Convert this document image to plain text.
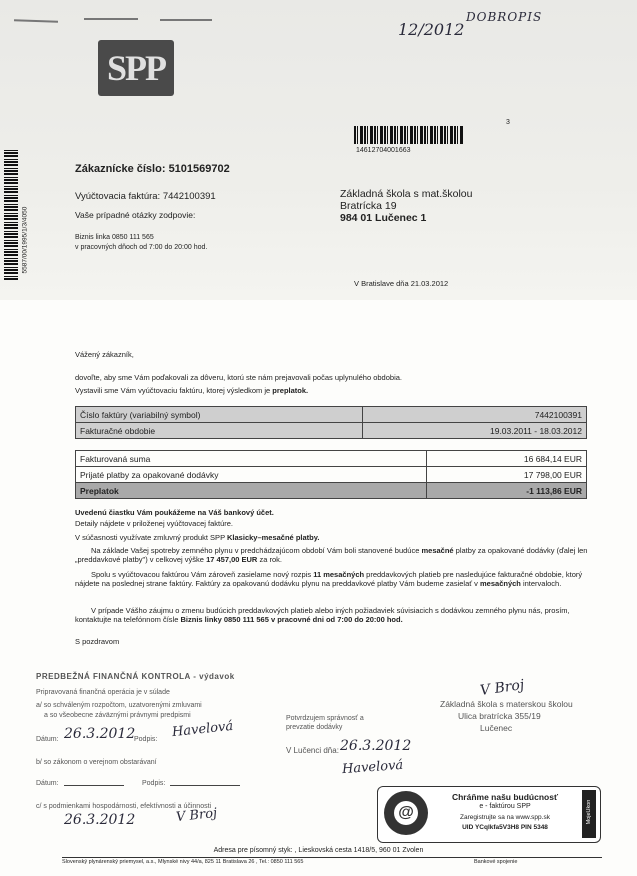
12/2012
DOBROPIS
SPP
3
14612704001663
5587/00/1995/1/3/4050
Zákaznícke číslo: 5101569702
Vyúčtovacia faktúra: 7442100391
Vaše prípadné otázky zodpovie:
Biznis linka 0850 111 565
v pracovných dňoch od 7:00 do 20:00 hod.
Základná škola s mat.školou
Bratrícka 19
984 01 Lučenec 1
V Bratislave dňa 21.03.2012
Vážený zákazník,
dovoľte, aby sme Vám poďakovali za dôveru, ktorú ste nám prejavovali počas uplynulého obdobia.
Vystavili sme Vám vyúčtovaciu faktúru, ktorej výsledkom je preplatok.
Číslo faktúry (variabilný symbol)	7442100391
Fakturačné obdobie	19.03.2011 - 18.03.2012
Fakturovaná suma	16 684,14 EUR
Prijaté platby za opakované dodávky	17 798,00 EUR
Preplatok	-1 113,86 EUR
Uvedenú čiastku Vám poukážeme na Váš bankový účet.
Detaily nájdete v priloženej vyúčtovacej faktúre.
V súčasnosti využívate zmluvný produkt SPP Klasicky–mesačné platby.
Na základe Vašej spotreby zemného plynu v predchádzajúcom období Vám boli stanovené budúce mesačné platby za opakované dodávky (ďalej len „preddavkové platby") v celkovej výške 17 457,00 EUR za rok.
Spolu s vyúčtovacou faktúrou Vám zároveň zasielame nový rozpis 11 mesačných preddavkových platieb pre nasledujúce fakturačné obdobie, ktorý nájdete na poslednej strane faktúry. Faktúry za opakovanú dodávku plynu na preddavkové platby Vám budeme zasielať v mesačných intervaloch.
V prípade Vášho záujmu o zmenu budúcich preddavkových platieb alebo iných požiadaviek súvisiacich s dodávkou zemného plynu nás, prosím, kontaktujte na telefónnom čísle Biznis linky 0850 111 565 v pracovné dni od 7:00 do 20:00 hod.
S pozdravom
PREDBEŽNÁ FINANČNÁ KONTROLA - výdavok
Pripravovaná finančná operácia je v súlade
a/ so schváleným rozpočtom, uzatvorenými zmluvami
a so všeobecne záväznými právnymi predpismi
Dátum: 26.3.2012
Podpis: Havelová
b/ so zákonom o verejnom obstarávaní
Dátum:	Podpis:
c/ s podmienkami hospodárnosti, efektívnosti a účinnosti
26.3.2012	V Broj
Potvrdzujem správnosť a prevzatie dodávky
V Lučenci dňa: 26.3.2012
Havelová
Základná škola s materskou školou
Ulica bratrícka 355/19
Lučenec
V Broj
@
Chráňme našu budúcnosť
e - faktúrou SPP
Zaregistrujte sa na www.spp.sk
UID YCqlkfa5V3H8 PIN 5348
MojeUkon
Adresa pre písomný styk: , Lieskovská cesta 1418/5, 960 01 Zvolen
Slovenský plynárenský priemysel, a.s., Mlynské nivy 44/a, 825 11 Bratislava 26 , Tel.: 0850 111 565	Bankové spojenie
